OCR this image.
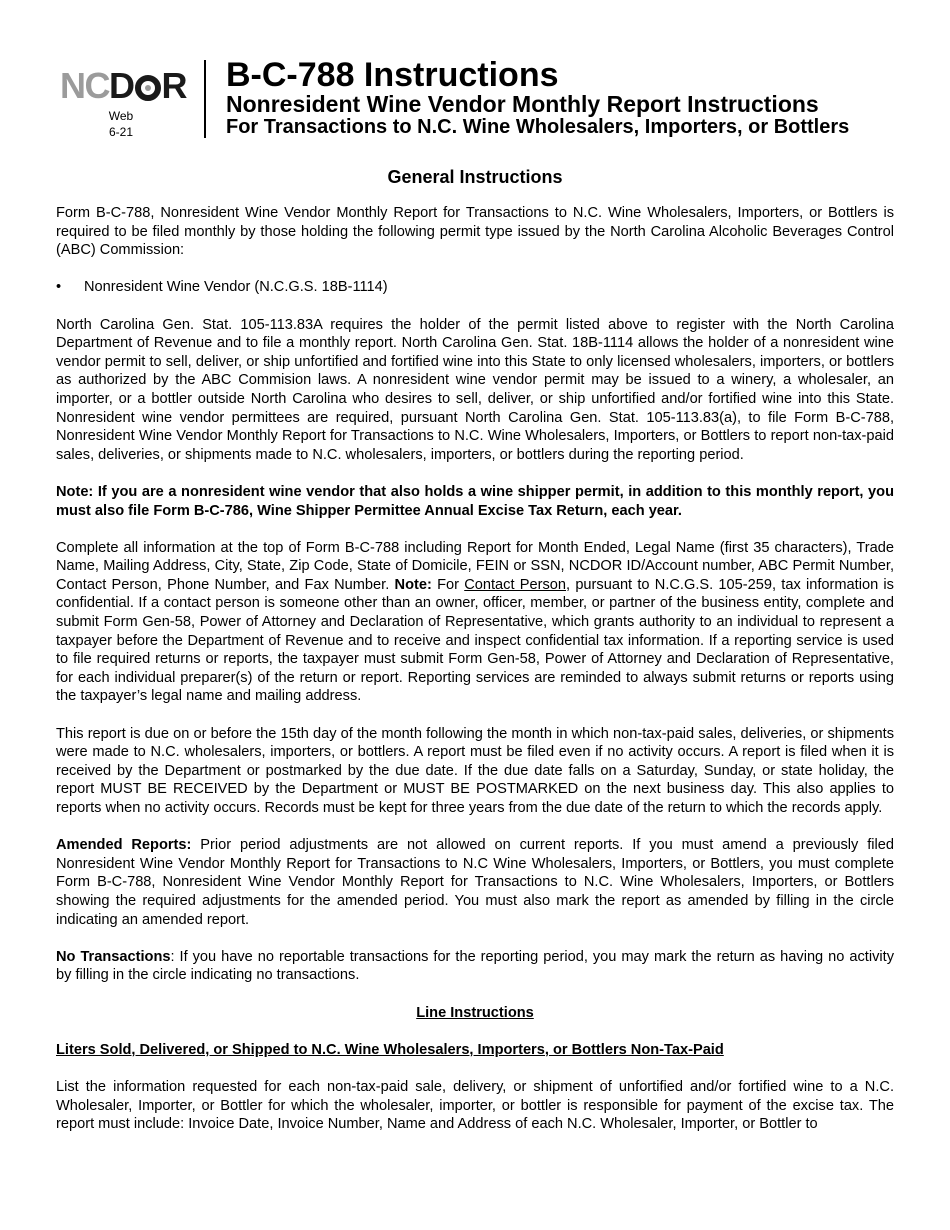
NCD R
Web
6-21
B-C-788 Instructions
Nonresident Wine Vendor Monthly Report Instructions
For Transactions to N.C. Wine Wholesalers, Importers, or Bottlers
General Instructions

Form B-C-788, Nonresident Wine Vendor Monthly Report for Transactions to N.C. Wine Wholesalers, Importers, or Bottlers is required to be filed monthly by those holding the following permit type issued by the North Carolina Alcoholic Beverages Control (ABC) Commission:

•	Nonresident Wine Vendor (N.C.G.S. 18B-1114)

North Carolina Gen. Stat. 105-113.83A requires the holder of the permit listed above to register with the North Carolina Department of Revenue and to file a monthly report. North Carolina Gen. Stat. 18B-1114 allows the holder of a nonresident wine vendor permit to sell, deliver, or ship unfortified and fortified wine into this State to only licensed wholesalers, importers, or bottlers as authorized by the ABC Commision laws. A nonresident wine vendor permit may be issued to a winery, a wholesaler, an importer, or a bottler outside North Carolina who desires to sell, deliver, or ship unfortified and/or fortified wine into this State. Nonresident wine vendor permittees are required, pursuant North Carolina Gen. Stat. 105-113.83(a), to file Form B-C-788, Nonresident Wine Vendor Monthly Report for Transactions to N.C. Wine Wholesalers, Importers, or Bottlers to report non-tax-paid sales, deliveries, or shipments made to N.C. wholesalers, importers, or bottlers during the reporting period.

Note: If you are a nonresident wine vendor that also holds a wine shipper permit, in addition to this monthly report, you must also file Form B-C-786, Wine Shipper Permittee Annual Excise Tax Return, each year.

Complete all information at the top of Form B-C-788 including Report for Month Ended, Legal Name (first 35 characters), Trade Name, Mailing Address, City, State, Zip Code, State of Domicile, FEIN or SSN, NCDOR ID/Account number, ABC Permit Number, Contact Person, Phone Number, and Fax Number. Note: For Contact Person, pursuant to N.C.G.S. 105-259, tax information is confidential. If a contact person is someone other than an owner, officer, member, or partner of the business entity, complete and submit Form Gen-58, Power of Attorney and Declaration of Representative, which grants authority to an individual to represent a taxpayer before the Department of Revenue and to receive and inspect confidential tax information. If a reporting service is used to file required returns or reports, the taxpayer must submit Form Gen-58, Power of Attorney and Declaration of Representative, for each individual preparer(s) of the return or report. Reporting services are reminded to always submit returns or reports using the taxpayer’s legal name and mailing address.

This report is due on or before the 15th day of the month following the month in which non-tax-paid sales, deliveries, or shipments were made to N.C. wholesalers, importers, or bottlers. A report must be filed even if no activity occurs. A report is filed when it is received by the Department or postmarked by the due date. If the due date falls on a Saturday, Sunday, or state holiday, the report MUST BE RECEIVED by the Department or MUST BE POSTMARKED on the next business day. This also applies to reports when no activity occurs. Records must be kept for three years from the due date of the return to which the records apply.

Amended Reports: Prior period adjustments are not allowed on current reports. If you must amend a previously filed Nonresident Wine Vendor Monthly Report for Transactions to N.C Wine Wholesalers, Importers, or Bottlers, you must complete Form B-C-788, Nonresident Wine Vendor Monthly Report for Transactions to N.C. Wine Wholesalers, Importers, or Bottlers showing the required adjustments for the amended period. You must also mark the report as amended by filling in the circle indicating an amended report.

No Transactions: If you have no reportable transactions for the reporting period, you may mark the return as having no activity by filling in the circle indicating no transactions.

Line Instructions
Liters Sold, Delivered, or Shipped to N.C. Wine Wholesalers, Importers, or Bottlers Non-Tax-Paid

List the information requested for each non-tax-paid sale, delivery, or shipment of unfortified and/or fortified wine to a N.C. Wholesaler, Importer, or Bottler for which the wholesaler, importer, or bottler is responsible for payment of the excise tax. The report must include: Invoice Date, Invoice Number, Name and Address of each N.C. Wholesaler, Importer, or Bottler to
